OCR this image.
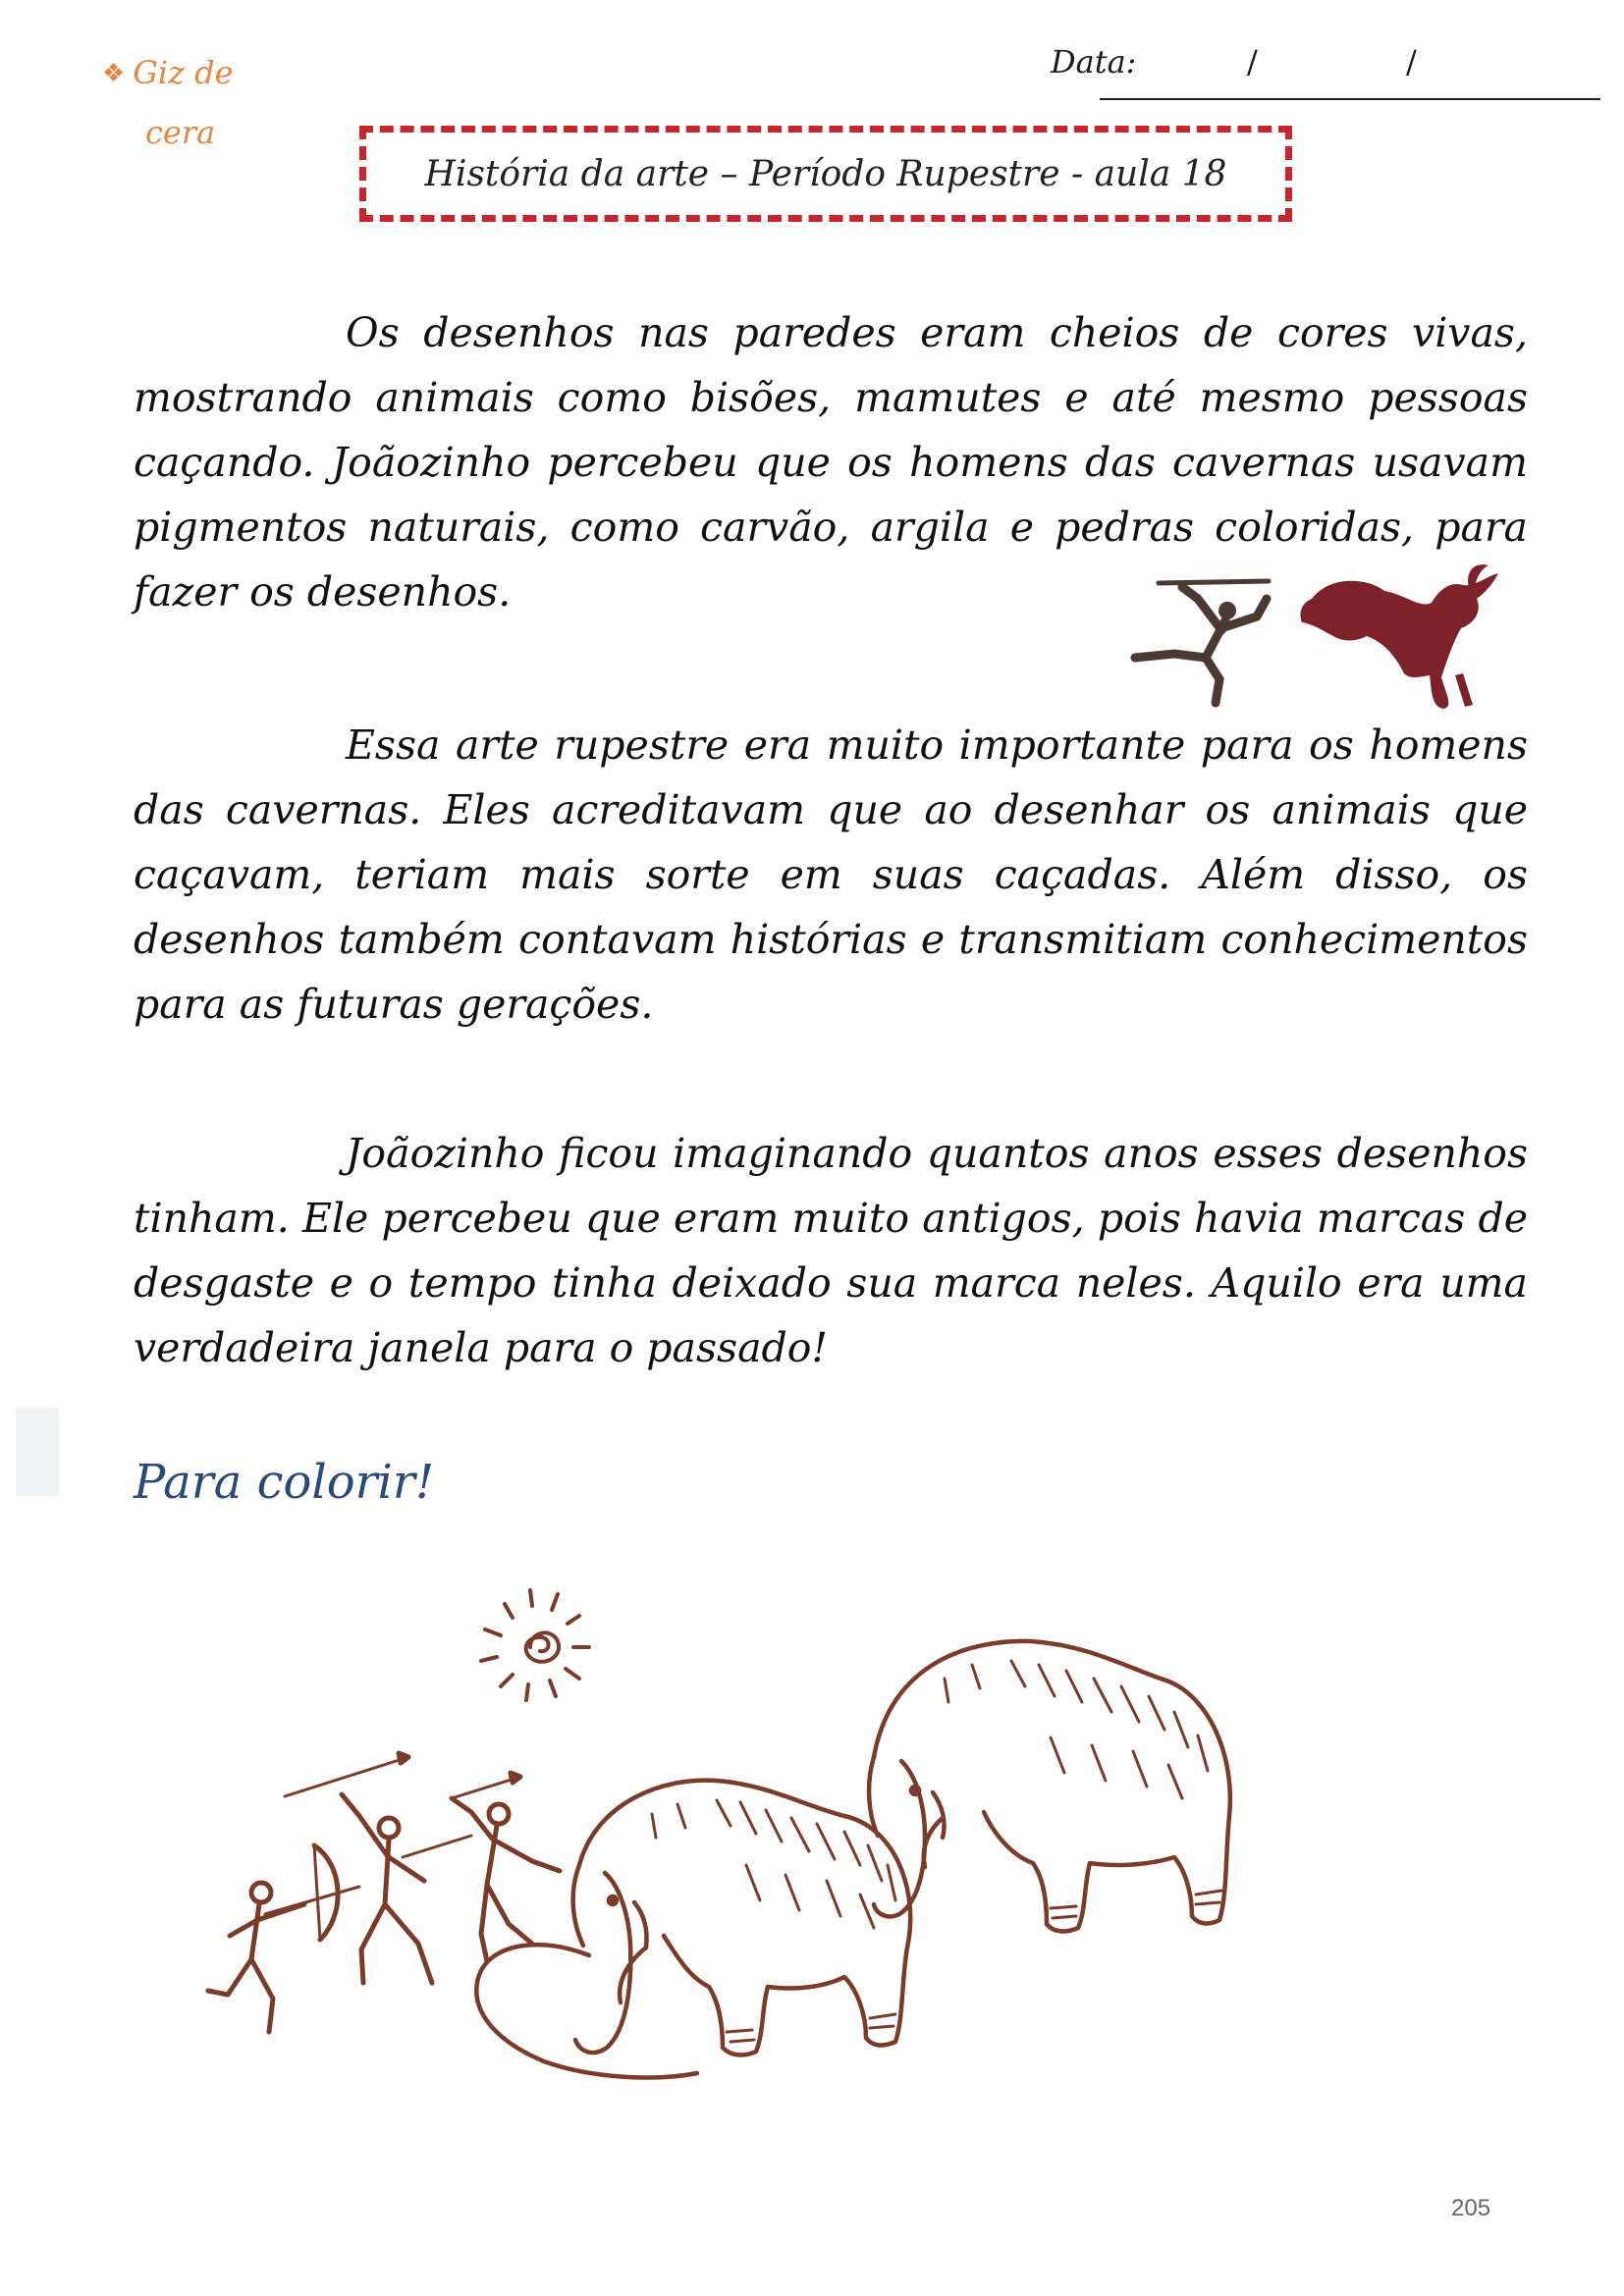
❖ Giz de
cera
Data:	/	/
História da arte – Período Rupestre - aula 18
Os desenhos nas paredes eram cheios de cores vivas, mostrando animais como bisões, mamutes e até mesmo pessoas caçando. Joãozinho percebeu que os homens das cavernas usavam pigmentos naturais, como carvão, argila e pedras coloridas, para fazer os desenhos.
Essa arte rupestre era muito importante para os homens das cavernas. Eles acreditavam que ao desenhar os animais que caçavam, teriam mais sorte em suas caçadas. Além disso, os desenhos também contavam histórias e transmitiam conhecimentos para as futuras gerações.
Joãozinho ficou imaginando quantos anos esses desenhos tinham. Ele percebeu que eram muito antigos, pois havia marcas de desgaste e o tempo tinha deixado sua marca neles. Aquilo era uma verdadeira janela para o passado!
Para colorir!
205
